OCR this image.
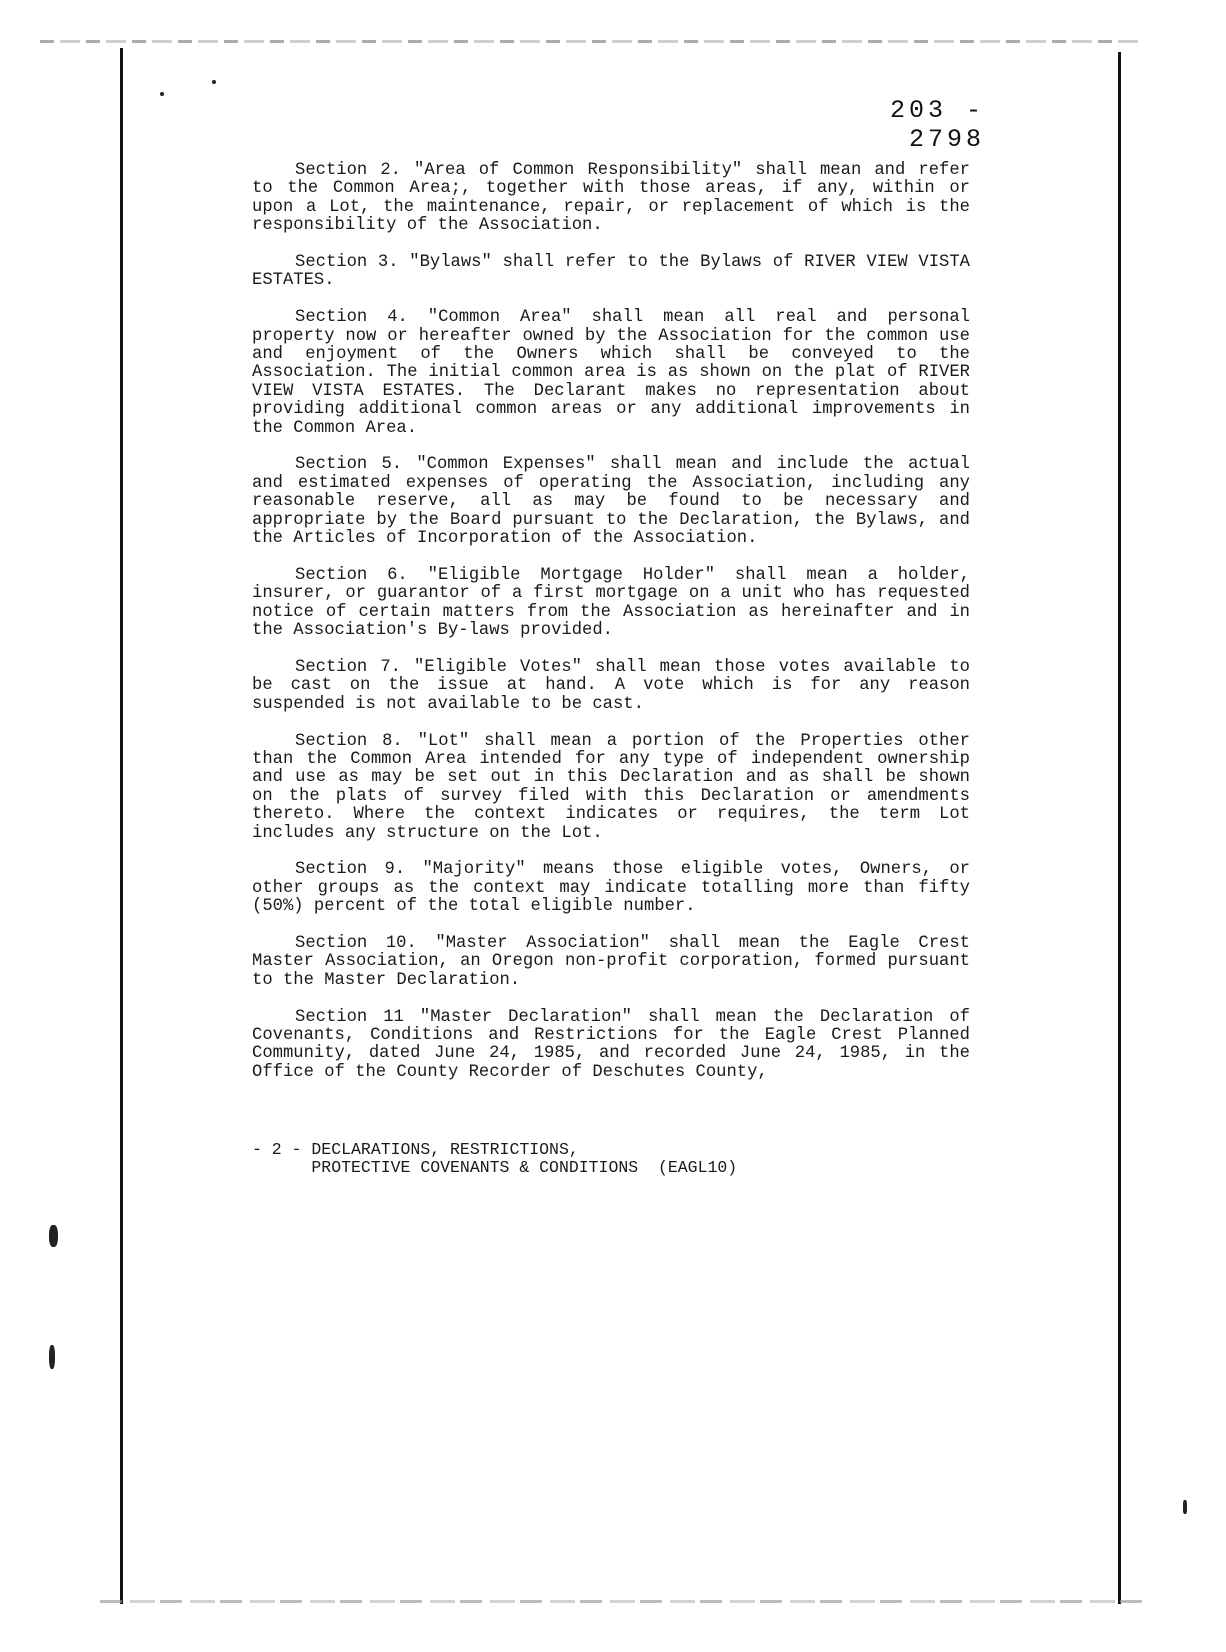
203 - 2798

Section 2. "Area of Common Responsibility" shall mean and refer to the Common Area;, together with those areas, if any, within or upon a Lot, the maintenance, repair, or replacement of which is the responsibility of the Association.

Section 3. "Bylaws" shall refer to the Bylaws of RIVER VIEW VISTA ESTATES.

Section 4. "Common Area" shall mean all real and personal property now or hereafter owned by the Association for the common use and enjoyment of the Owners which shall be conveyed to the Association. The initial common area is as shown on the plat of RIVER VIEW VISTA ESTATES. The Declarant makes no representation about providing additional common areas or any additional improvements in the Common Area.

Section 5. "Common Expenses" shall mean and include the actual and estimated expenses of operating the Association, including any reasonable reserve, all as may be found to be necessary and appropriate by the Board pursuant to the Declaration, the Bylaws, and the Articles of Incorporation of the Association.

Section 6. "Eligible Mortgage Holder" shall mean a holder, insurer, or guarantor of a first mortgage on a unit who has requested notice of certain matters from the Association as hereinafter and in the Association's By-laws provided.

Section 7. "Eligible Votes" shall mean those votes available to be cast on the issue at hand. A vote which is for any reason suspended is not available to be cast.

Section 8. "Lot" shall mean a portion of the Properties other than the Common Area intended for any type of independent ownership and use as may be set out in this Declaration and as shall be shown on the plats of survey filed with this Declaration or amendments thereto. Where the context indicates or requires, the term Lot includes any structure on the Lot.

Section 9. "Majority" means those eligible votes, Owners, or other groups as the context may indicate totalling more than fifty (50%) percent of the total eligible number.

Section 10. "Master Association" shall mean the Eagle Crest Master Association, an Oregon non-profit corporation, formed pursuant to the Master Declaration.

Section 11 "Master Declaration" shall mean the Declaration of Covenants, Conditions and Restrictions for the Eagle Crest Planned Community, dated June 24, 1985, and recorded June 24, 1985, in the Office of the County Recorder of Deschutes County,

- 2 - DECLARATIONS, RESTRICTIONS,
PROTECTIVE COVENANTS & CONDITIONS  (EAGL10)
